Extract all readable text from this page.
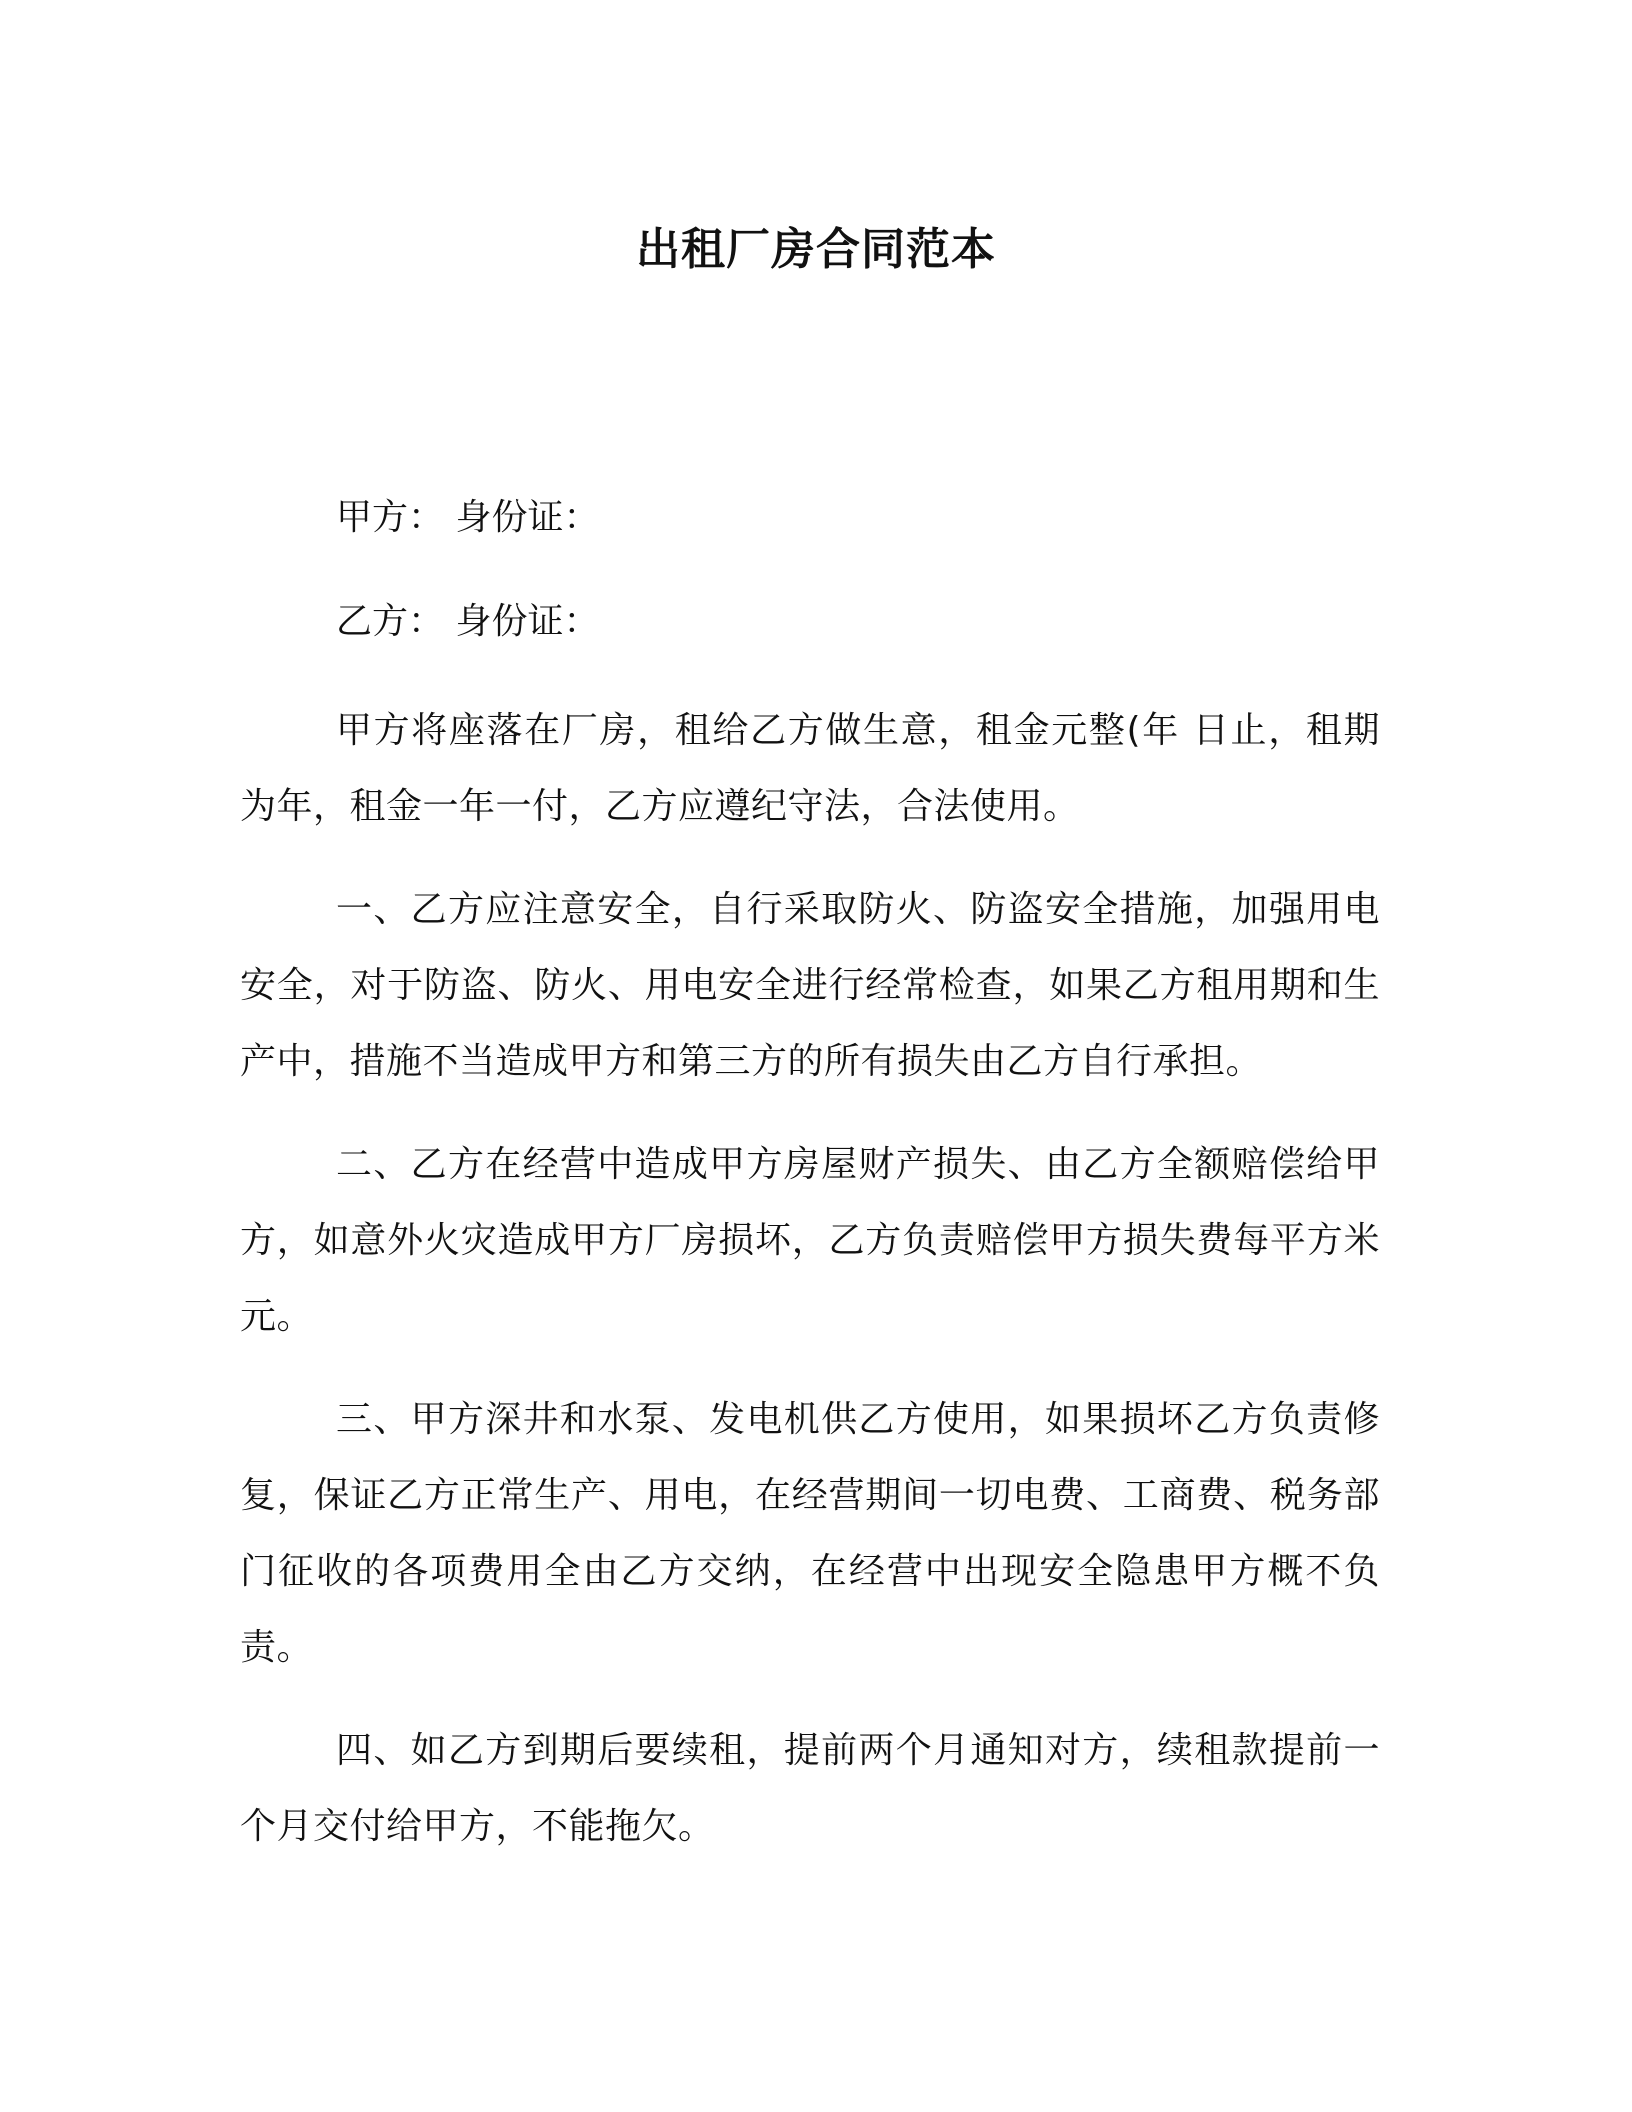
出租厂房合同范本
甲方： 身份证：
乙方： 身份证：

甲方将座落在厂房，租给乙方做生意，租金元整(年 日止，租期为年，租金一年一付，乙方应遵纪守法，合法使用。

一、乙方应注意安全，自行采取防火、防盗安全措施，加强用电安全，对于防盗、防火、用电安全进行经常检查，如果乙方租用期和生产中，措施不当造成甲方和第三方的所有损失由乙方自行承担。

二、乙方在经营中造成甲方房屋财产损失、由乙方全额赔偿给甲方，如意外火灾造成甲方厂房损坏，乙方负责赔偿甲方损失费每平方米 元。

三、甲方深井和水泵、发电机供乙方使用，如果损坏乙方负责修复，保证乙方正常生产、用电，在经营期间一切电费、工商费、税务部门征收的各项费用全由乙方交纳，在经营中出现安全隐患甲方概不负责。

四、如乙方到期后要续租，提前两个月通知对方，续租款提前一个月交付给甲方，不能拖欠。
